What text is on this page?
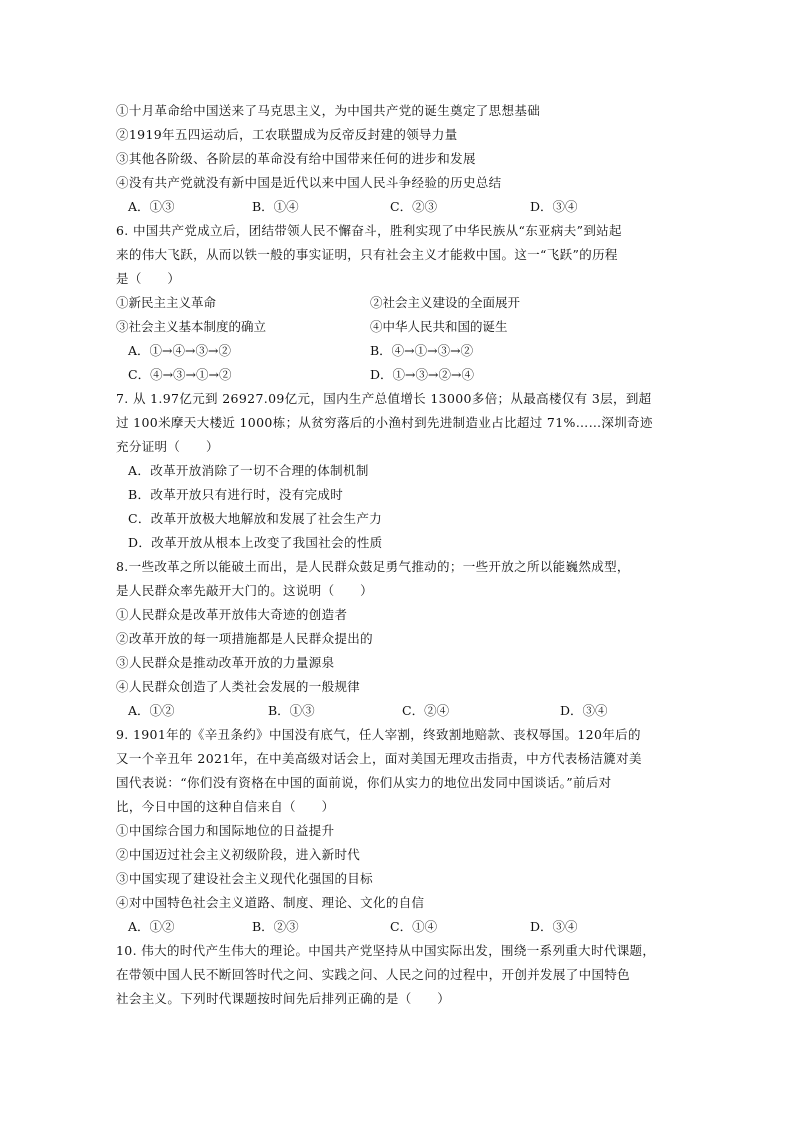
①十月革命给中国送来了马克思主义，为中国共产党的诞生奠定了思想基础
②1919年五四运动后，工农联盟成为反帝反封建的领导力量
③其他各阶级、各阶层的革命没有给中国带来任何的进步和发展
④没有共产党就没有新中国是近代以来中国人民斗争经验的历史总结
A．①③	B．①④	C．②③	D．③④
6. 中国共产党成立后，团结带领人民不懈奋斗，胜利实现了中华民族从“东亚病夫”到站起
来的伟大飞跃，从而以铁一般的事实证明，只有社会主义才能救中国。这一“飞跃”的历程
是（　　）
①新民主主义革命	②社会主义建设的全面展开
③社会主义基本制度的确立	④中华人民共和国的诞生
A．①→④→③→②	B．④→①→③→②
C．④→③→①→②	D．①→③→②→④
7. 从 1.97亿元到 26927.09亿元，国内生产总值增长 13000多倍；从最高楼仅有 3层，到超
过 100米摩天大楼近 1000栋；从贫穷落后的小渔村到先进制造业占比超过 71%……深圳奇迹
充分证明（　　）
A．改革开放消除了一切不合理的体制机制
B．改革开放只有进行时，没有完成时
C．改革开放极大地解放和发展了社会生产力
D．改革开放从根本上改变了我国社会的性质
8.一些改革之所以能破土而出，是人民群众鼓足勇气推动的；一些开放之所以能巍然成型，
是人民群众率先敲开大门的。这说明（　　）
①人民群众是改革开放伟大奇迹的创造者
②改革开放的每一项措施都是人民群众提出的
③人民群众是推动改革开放的力量源泉
④人民群众创造了人类社会发展的一般规律
A．①②	B．①③	C．②④	D．③④
9. 1901年的《辛丑条约》中国没有底气，任人宰割，终致割地赔款、丧权辱国。120年后的
又一个辛丑年 2021年，在中美高级对话会上，面对美国无理攻击指责，中方代表杨洁篪对美
国代表说：“你们没有资格在中国的面前说，你们从实力的地位出发同中国谈话。”前后对
比，今日中国的这种自信来自（　　）
①中国综合国力和国际地位的日益提升
②中国迈过社会主义初级阶段，进入新时代
③中国实现了建设社会主义现代化强国的目标
④对中国特色社会主义道路、制度、理论、文化的自信
A．①②	B．②③	C．①④	D．③④
10. 伟大的时代产生伟大的理论。中国共产党坚持从中国实际出发，围绕一系列重大时代课题，
在带领中国人民不断回答时代之问、实践之问、人民之问的过程中，开创并发展了中国特色
社会主义。下列时代课题按时间先后排列正确的是（　　）
